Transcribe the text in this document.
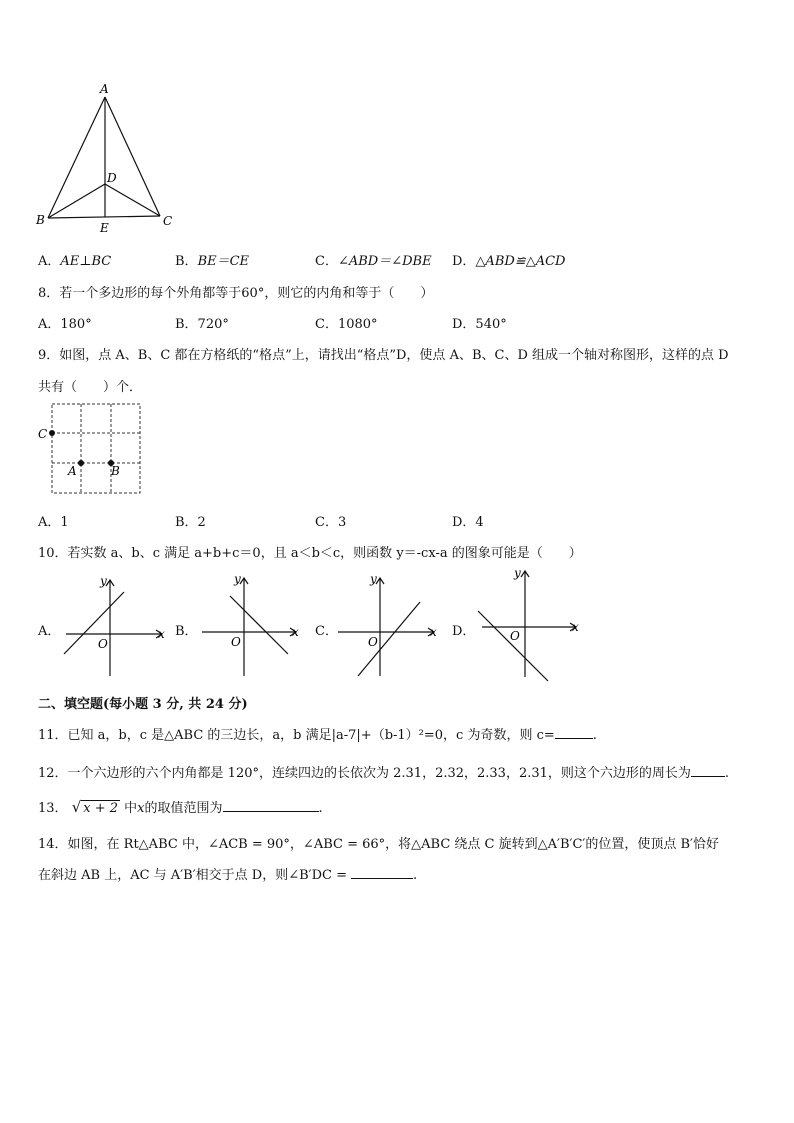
A
B	C
D
E
A．AE⊥BC	B．BE＝CE	C．∠ABD＝∠DBE D．△ABD≌△ACD
8．若一个多边形的每个外角都等于60°，则它的内角和等于（　　）
A．180°	B．720°	C．1080°	D．540°
9．如图，点 A、B、C 都在方格纸的“格点”上，请找出“格点”D，使点 A、B、C、D 组成一个轴对称图形，这样的点 D
共有（　　）个．
C
A	B
A．1	B．2	C．3	D．4
10．若实数 a、b、c 满足 a+b+c＝0，且 a＜b＜c，则函数 y＝-cx-a 的图象可能是（　　）
A．
y
x
O
B．
y
x
O
C．
y
x
O
D．
y
x
O
二、填空题(每小题 3 分, 共 24 分)
11．已知 a，b，c 是△ABC 的三边长，a，b 满足|a-7|+（b-1）²=0，c 为奇数，则 c=	.
12．一个六边形的六个内角都是 120°，连续四边的长依次为 2.31，2.32，2.33，2.31，则这个六边形的周长为	.
13． √ x + 2 中x的取值范围为	.
14．如图，在 Rt△ABC 中，∠ACB = 90°，∠ABC = 66°，将△ABC 绕点 C 旋转到△A′B′C′的位置，使顶点 B′恰好
在斜边 AB 上，AC 与 A′B′相交于点 D，则∠B′DC =	.
